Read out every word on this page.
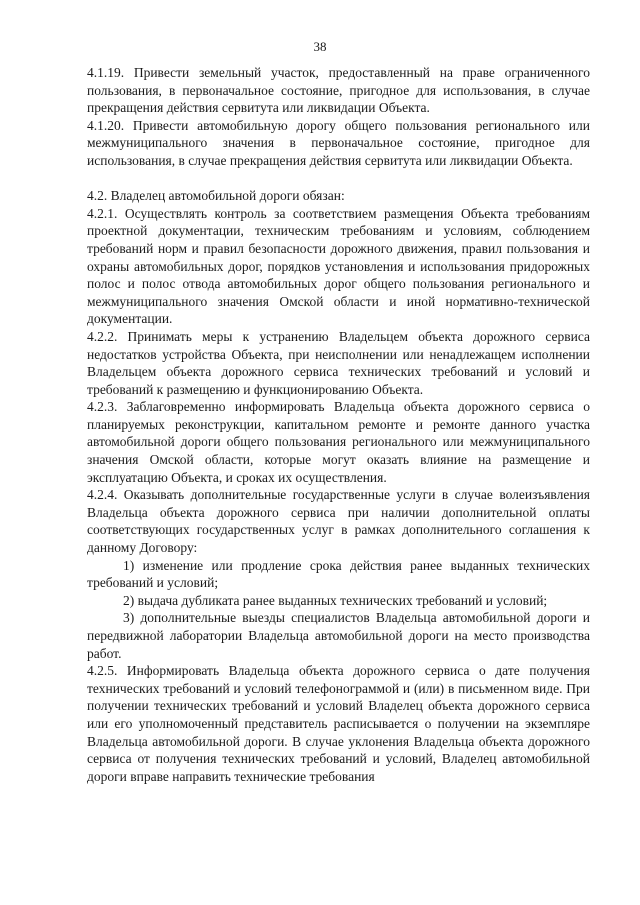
38

4.1.19. Привести земельный участок, предоставленный на праве ограниченного пользования, в первоначальное состояние, пригодное для использования, в случае прекращения действия сервитута или ликвидации Объекта.

4.1.20. Привести автомобильную дорогу общего пользования регионального или межмуниципального значения в первоначальное состояние, пригодное для использования, в случае прекращения действия сервитута или ликвидации Объекта.

4.2. Владелец автомобильной дороги обязан:

4.2.1. Осуществлять контроль за соответствием размещения Объекта требованиям проектной документации, техническим требованиям и условиям, соблюдением требований норм и правил безопасности дорожного движения, правил пользования и охраны автомобильных дорог, порядков установления и использования придорожных полос и полос отвода автомобильных дорог общего пользования регионального и межмуниципального значения Омской области и иной нормативно-технической документации.

4.2.2. Принимать меры к устранению Владельцем объекта дорожного сервиса недостатков устройства Объекта, при неисполнении или ненадлежащем исполнении Владельцем объекта дорожного сервиса технических требований и условий и требований к размещению и функционированию Объекта.

4.2.3. Заблаговременно информировать Владельца объекта дорожного сервиса о планируемых реконструкции, капитальном ремонте и ремонте данного участка автомобильной дороги общего пользования регионального или межмуниципального значения Омской области, которые могут оказать влияние на размещение и эксплуатацию Объекта, и сроках их осуществления.

4.2.4. Оказывать дополнительные государственные услуги в случае волеизъявления Владельца объекта дорожного сервиса при наличии дополнительной оплаты соответствующих государственных услуг в рамках дополнительного соглашения к данному Договору:

1) изменение или продление срока действия ранее выданных технических требований и условий;

2) выдача дубликата ранее выданных технических требований и условий;

3) дополнительные выезды специалистов Владельца автомобильной дороги и передвижной лаборатории Владельца автомобильной дороги на место производства работ.

4.2.5. Информировать Владельца объекта дорожного сервиса о дате получения технических требований и условий телефонограммой и (или) в письменном виде. При получении технических требований и условий Владелец объекта дорожного сервиса или его уполномоченный представитель расписывается о получении на экземпляре Владельца автомобильной дороги. В случае уклонения Владельца объекта дорожного сервиса от получения технических требований и условий, Владелец автомобильной дороги вправе направить технические требования
